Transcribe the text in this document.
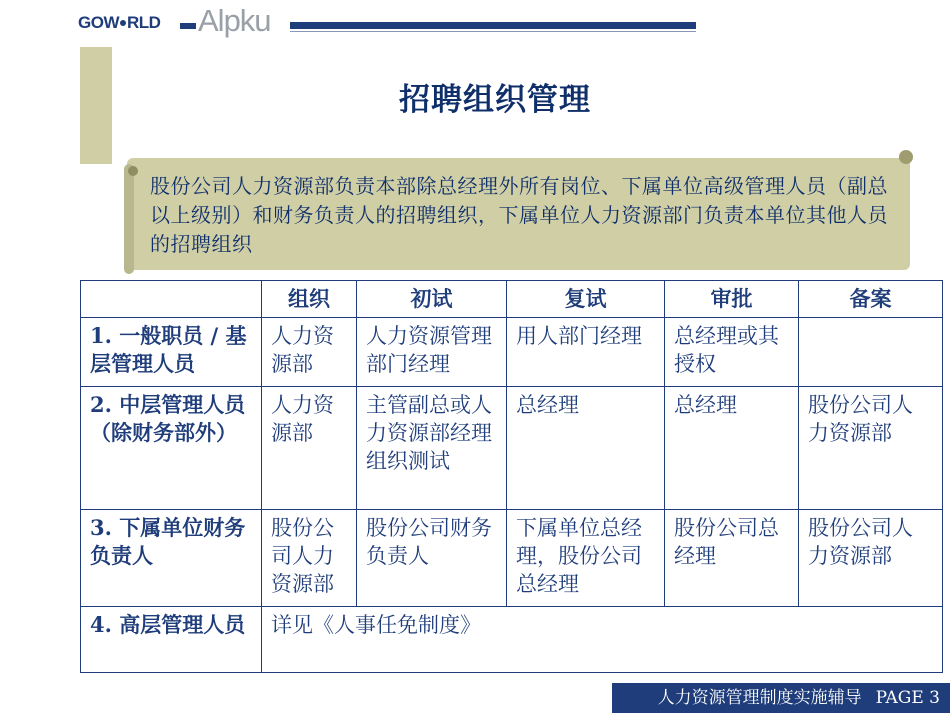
GOW RLD	Alpku
招聘组织管理
股份公司人力资源部负责本部除总经理外所有岗位、下属单位高级管理人员（副总以上级别）和财务负责人的招聘组织，下属单位人力资源部门负责本单位其他人员的招聘组织
	组织	初试	复试	审批	备案
1. 一般职员 / 基层管理人员	人力资源部	人力资源管理部门经理	用人部门经理	总经理或其授权	
2. 中层管理人员（除财务部外）	人力资源部	主管副总或人力资源部经理组织测试	总经理	总经理	股份公司人力资源部
3. 下属单位财务负责人	股份公司人力资源部	股份公司财务负责人	下属单位总经理，股份公司总经理	股份公司总经理	股份公司人力资源部
4. 高层管理人员	详见《人事任免制度》				
人力资源管理制度实施辅导 PAGE 3
